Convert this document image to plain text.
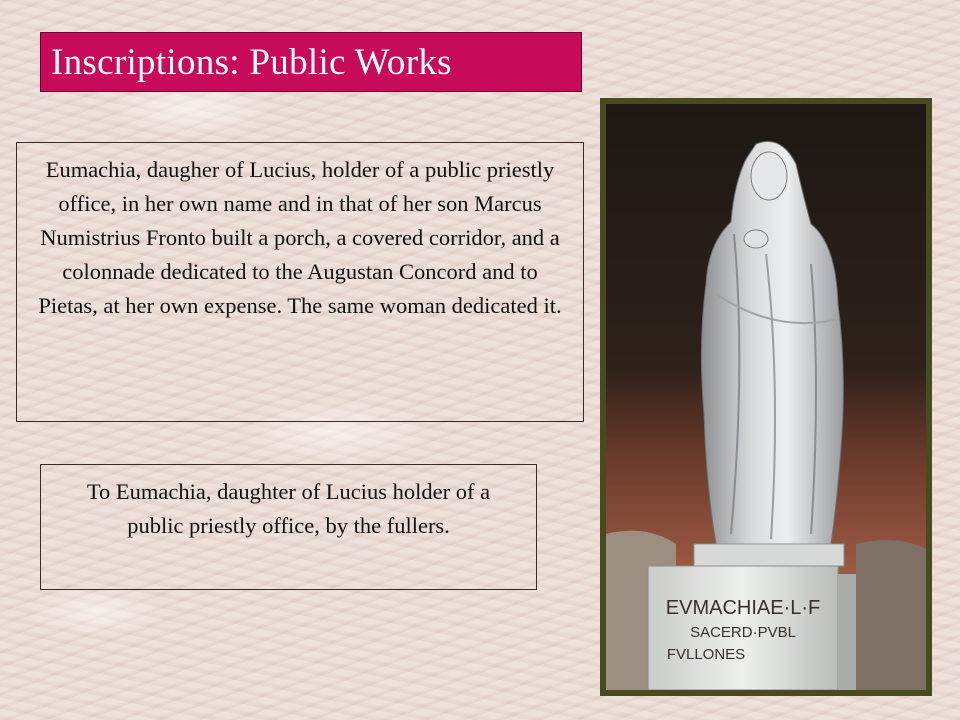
Inscriptions: Public Works
Eumachia, daugher of Lucius, holder of a public priestly office, in her own name and in that of her son Marcus Numistrius Fronto built a porch, a covered corridor, and a colonnade dedicated to the Augustan Concord and to Pietas, at her own expense. The same woman dedicated it.
To Eumachia, daughter of Lucius holder of a public priestly office, by the fullers.
EVMACHIAE·L·F
SACERD·PVBL
FVLLONES
